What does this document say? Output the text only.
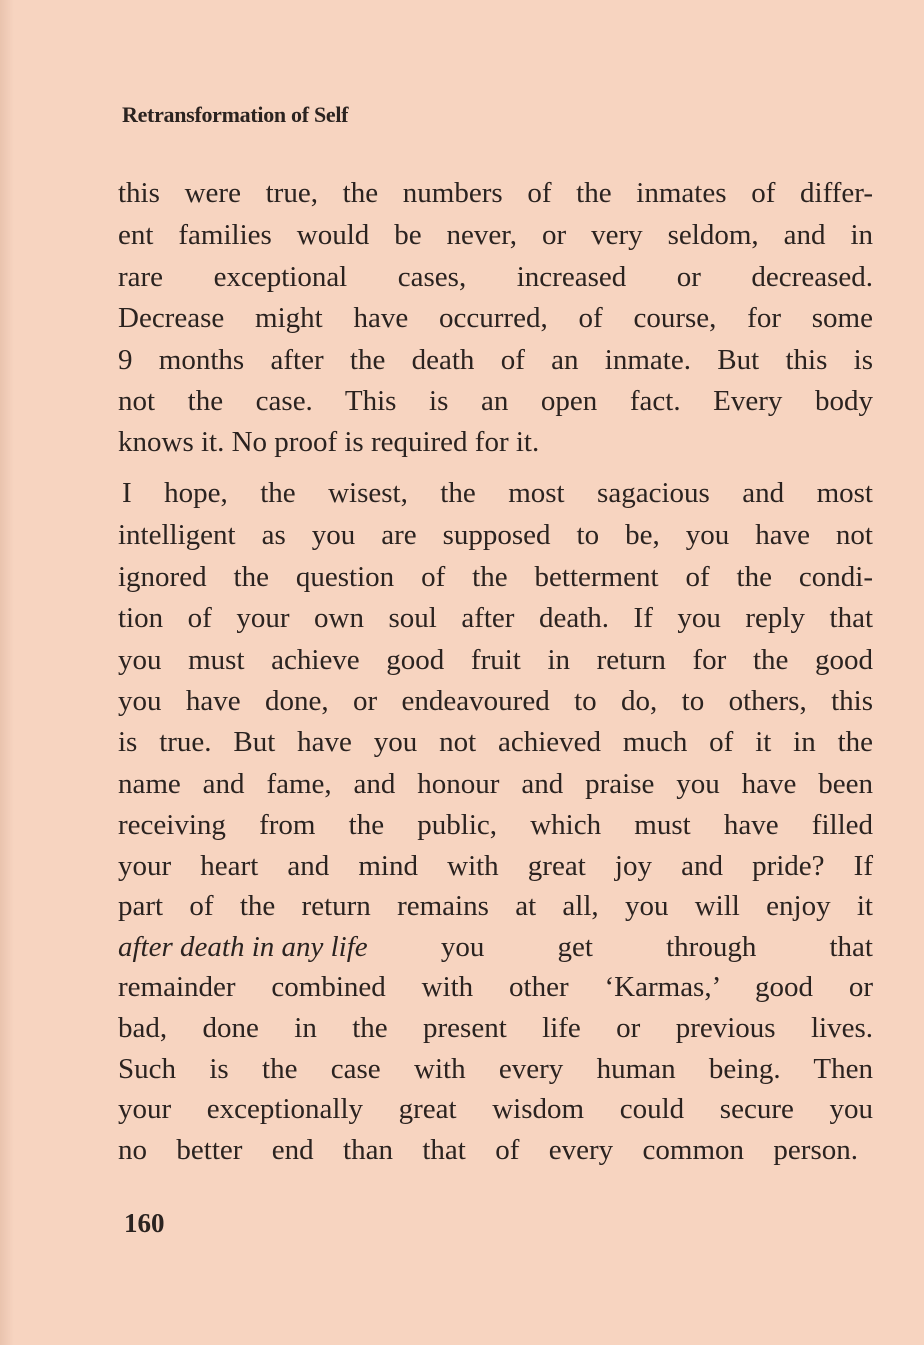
Retransformation of Self
this were true, the numbers of the inmates of differ-
ent families would be never, or very seldom, and in
rare exceptional cases, increased or decreased.
Decrease might have occurred, of course, for some
9 months after the death of an inmate. But this is
not the case. This is an open fact. Every body
knows it. No proof is required for it.
I hope, the wisest, the most sagacious and most
intelligent as you are supposed to be, you have not
ignored the question of the betterment of the condi-
tion of your own soul after death. If you reply that
you must achieve good fruit in return for the good
you have done, or endeavoured to do, to others, this
is true. But have you not achieved much of it in the
name and fame, and honour and praise you have been
receiving from the public, which must have filled
your heart and mind with great joy and pride? If
part of the return remains at all, you will enjoy it
after death in any life you get through that
remainder combined with other ‘Karmas,’ good or
bad, done in the present life or previous lives.
Such is the case with every human being. Then
your exceptionally great wisdom could secure you
no better end than that of every common person.
160
